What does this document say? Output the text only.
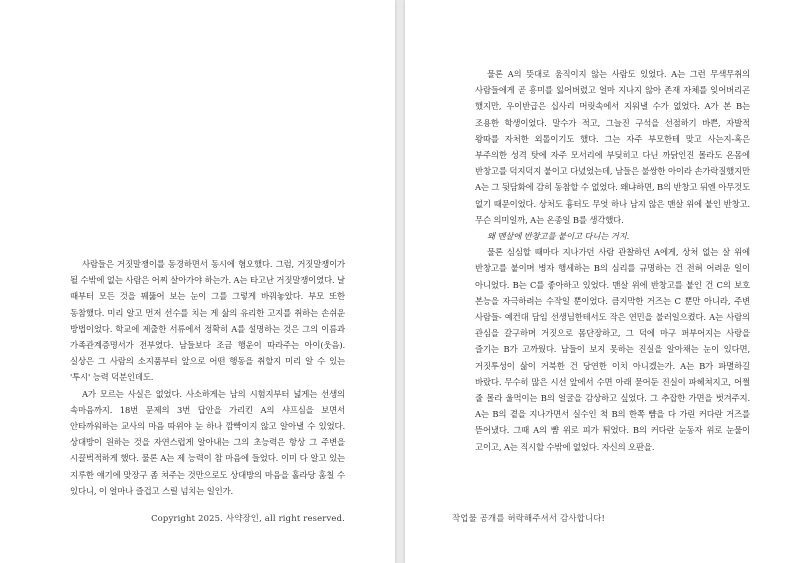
사람들은 거짓말쟁이를 동경하면서 동시에 혐오했다. 그럼, 거짓말쟁이가 될 수밖에 없는 사람은 어찌 살아가야 하는가. A는 타고난 거짓말쟁이였다. 날 때부터 모든 것을 꿰뚫어 보는 눈이 그를 그렇게 바꿔놓았다. 부모 또한 동참했다. 미리 알고 먼저 선수를 치는 게 삶의 유리한 고지를 취하는 손쉬운 방법이었다. 학교에 제출한 서류에서 정확히 A를 설명하는 것은 그의 이름과 가족관계증명서가 전부였다. 남들보다 조금 행운이 따라주는 아이(웃음). 실상은 그 사람의 소지품부터 앞으로 어떤 행동을 취할지 미리 알 수 있는 '투시' 능력 덕분인데도.

A가 모르는 사실은 없었다. 사소하게는 남의 시험지부터 넓게는 선생의 속마음까지. 18번 문제의 3번 답안을 가리킨 A의 샤프심을 보면서 안타까워하는 교사의 마음 따위야 눈 하나 깜빡이지 않고 알아낼 수 있었다. 상대방이 원하는 것을 자연스럽게 알아내는 그의 초능력은 항상 그 주변을 시끌벅적하게 했다. 물론 A는 제 능력이 참 마음에 들었다. 이미 다 알고 있는 지루한 얘기에 맞장구 좀 쳐주는 것만으로도 상대방의 마음을 홀라당 훔칠 수 있다니, 이 얼마나 즐겁고 스릴 넘치는 일인가.

Copyright 2025. 사약장인, all right reserved.

물론 A의 뜻대로 움직이지 않는 사람도 있었다. A는 그런 무색무취의 사람들에게 곧 흥미를 잃어버렸고 얼마 지나지 않아 존재 자체를 잊어버리곤 했지만, 우이반급은 십사리 머릿속에서 지워낼 수가 없었다. A가 본 B는 조용한 학생이었다. 말수가 적고, 그늘진 구석을 선점하기 바쁜, 자발적 왕따를 자처한 외톨이기도 했다. 그는 자주 부모한테 맞고 사는지-혹은 부주의한 성격 탓에 자주 모서리에 부딪히고 다닌 까닭인진 몰라도 온몸에 반창고를 덕지덕지 붙이고 다녔었는데, 남들은 불쌍한 아이라 손가락질했지만 A는 그 뒷담화에 감히 동참할 수 없었다. 왜냐하면, B의 반창고 뒤엔 아무것도 없기 때문이었다. 상처도 흉터도 무엇 하나 남지 않은 맨살 위에 붙인 반창고. 무슨 의미일까, A는 온종일 B를 생각했다.

왜 맨살에 반창고를 붙이고 다니는 거지.

물론 심심할 때마다 지나가던 사람 관찰하던 A에게, 상처 없는 살 위에 반창고를 붙이며 병자 행세하는 B의 심리를 규명하는 건 전혀 어려운 일이 아니었다. B는 C를 좋아하고 있었다. 맨살 위에 반창고를 붙인 건 C의 보호 본능을 자극하려는 수작일 뿐이었다. 큼지막한 거즈는 C 뿐만 아니라, 주변 사람들- 예컨대 담임 선생님한테서도 작은 연민을 불러일으켰다. A는 사람의 관심을 갈구하며 거짓으로 몸단장하고, 그 덕에 마구 퍼부어지는 사랑을 즐기는 B가 고까웠다. 남들이 보지 못하는 진실을 알아채는 눈이 있다면, 거짓투성이 삶이 거북한 건 당연한 이치 아니겠는가. A는 B가 파멸하길 바랐다. 무수히 많은 시선 앞에서 수면 아래 묻어둔 진실이 파헤쳐지고, 어쩔 줄 몰라 울먹이는 B의 얼굴을 감상하고 싶었다. 그 추잡한 가면을 벗겨주지. A는 B의 곁을 지나가면서 실수인 척 B의 한쪽 뺨을 다 가린 커다란 거즈를 뜯어냈다. 그때 A의 뺨 위로 피가 튀었다. B의 커다란 눈동자 위로 눈물이 고이고, A는 직시할 수밖에 없었다. 자신의 오판을.

작업물 공개를 허락해주셔서 감사합니다!
